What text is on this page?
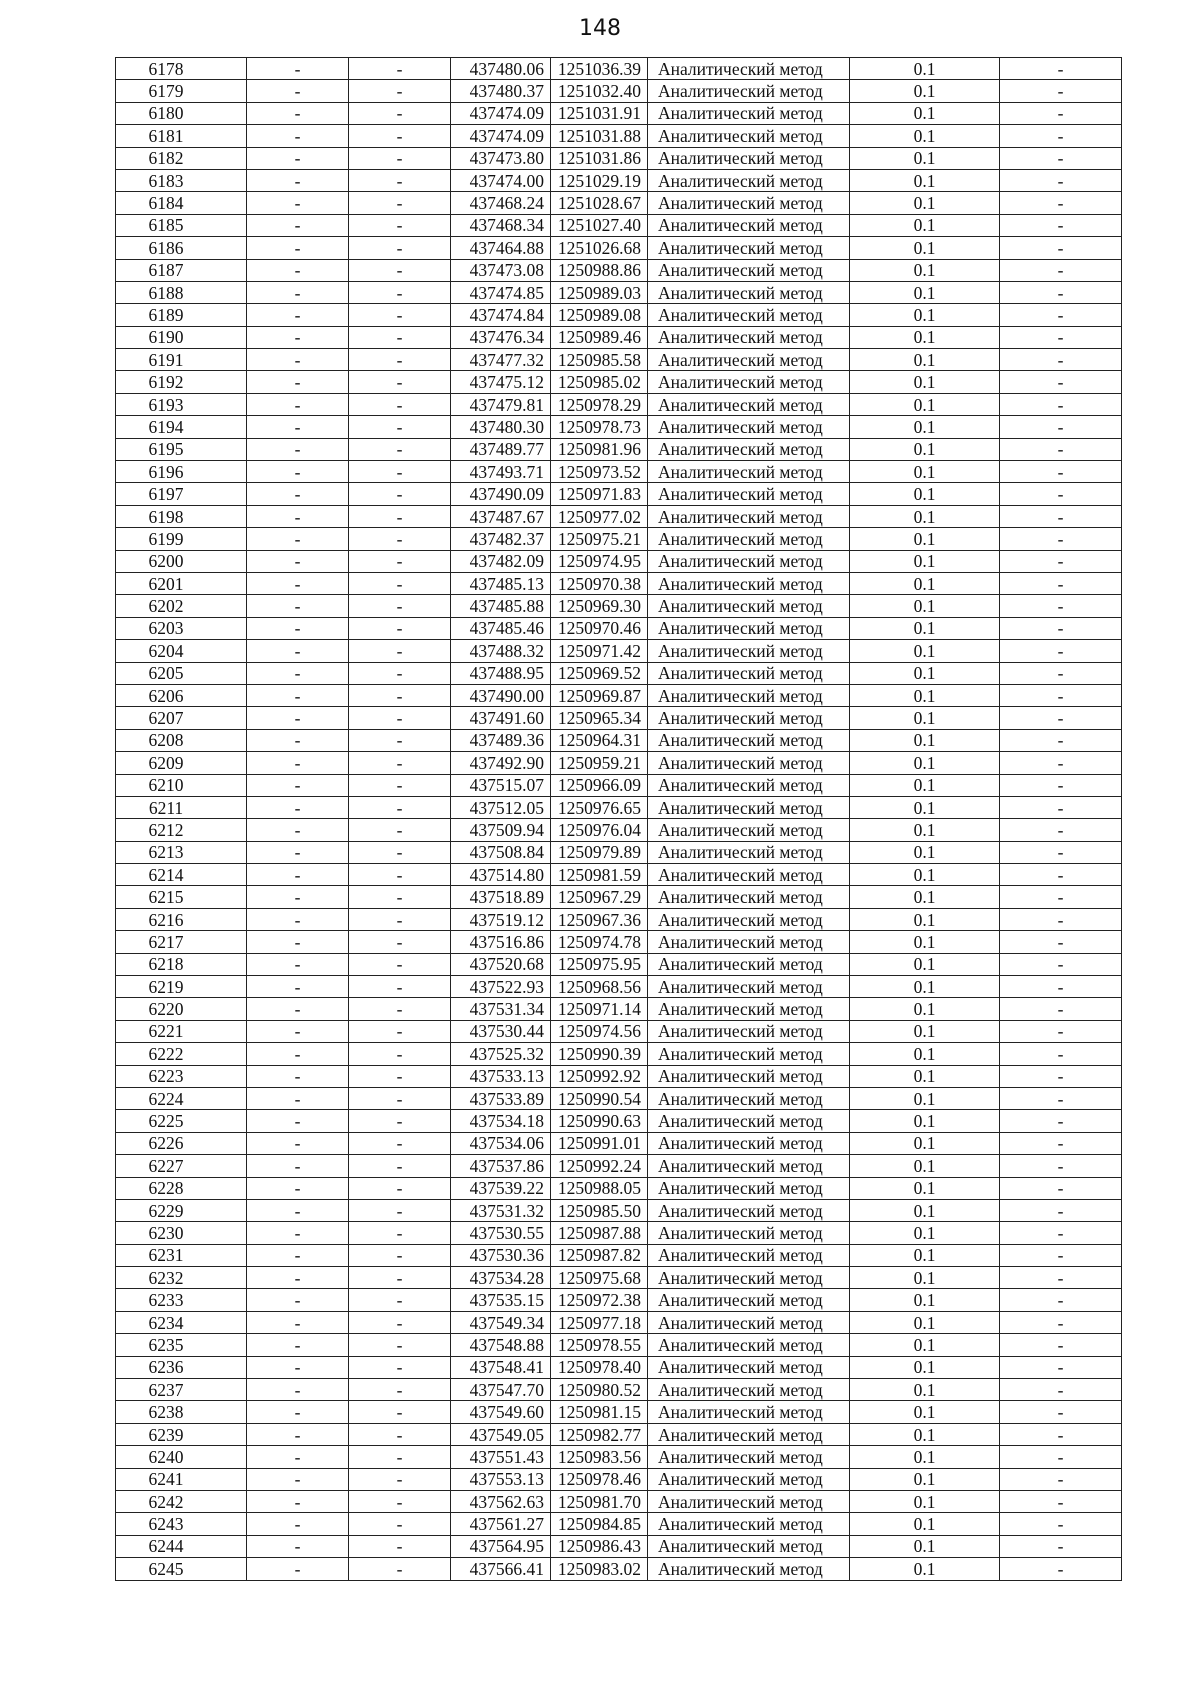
148
6178	-	-	437480.06	1251036.39	Аналитический метод	0.1	-
6179	-	-	437480.37	1251032.40	Аналитический метод	0.1	-
6180	-	-	437474.09	1251031.91	Аналитический метод	0.1	-
6181	-	-	437474.09	1251031.88	Аналитический метод	0.1	-
6182	-	-	437473.80	1251031.86	Аналитический метод	0.1	-
6183	-	-	437474.00	1251029.19	Аналитический метод	0.1	-
6184	-	-	437468.24	1251028.67	Аналитический метод	0.1	-
6185	-	-	437468.34	1251027.40	Аналитический метод	0.1	-
6186	-	-	437464.88	1251026.68	Аналитический метод	0.1	-
6187	-	-	437473.08	1250988.86	Аналитический метод	0.1	-
6188	-	-	437474.85	1250989.03	Аналитический метод	0.1	-
6189	-	-	437474.84	1250989.08	Аналитический метод	0.1	-
6190	-	-	437476.34	1250989.46	Аналитический метод	0.1	-
6191	-	-	437477.32	1250985.58	Аналитический метод	0.1	-
6192	-	-	437475.12	1250985.02	Аналитический метод	0.1	-
6193	-	-	437479.81	1250978.29	Аналитический метод	0.1	-
6194	-	-	437480.30	1250978.73	Аналитический метод	0.1	-
6195	-	-	437489.77	1250981.96	Аналитический метод	0.1	-
6196	-	-	437493.71	1250973.52	Аналитический метод	0.1	-
6197	-	-	437490.09	1250971.83	Аналитический метод	0.1	-
6198	-	-	437487.67	1250977.02	Аналитический метод	0.1	-
6199	-	-	437482.37	1250975.21	Аналитический метод	0.1	-
6200	-	-	437482.09	1250974.95	Аналитический метод	0.1	-
6201	-	-	437485.13	1250970.38	Аналитический метод	0.1	-
6202	-	-	437485.88	1250969.30	Аналитический метод	0.1	-
6203	-	-	437485.46	1250970.46	Аналитический метод	0.1	-
6204	-	-	437488.32	1250971.42	Аналитический метод	0.1	-
6205	-	-	437488.95	1250969.52	Аналитический метод	0.1	-
6206	-	-	437490.00	1250969.87	Аналитический метод	0.1	-
6207	-	-	437491.60	1250965.34	Аналитический метод	0.1	-
6208	-	-	437489.36	1250964.31	Аналитический метод	0.1	-
6209	-	-	437492.90	1250959.21	Аналитический метод	0.1	-
6210	-	-	437515.07	1250966.09	Аналитический метод	0.1	-
6211	-	-	437512.05	1250976.65	Аналитический метод	0.1	-
6212	-	-	437509.94	1250976.04	Аналитический метод	0.1	-
6213	-	-	437508.84	1250979.89	Аналитический метод	0.1	-
6214	-	-	437514.80	1250981.59	Аналитический метод	0.1	-
6215	-	-	437518.89	1250967.29	Аналитический метод	0.1	-
6216	-	-	437519.12	1250967.36	Аналитический метод	0.1	-
6217	-	-	437516.86	1250974.78	Аналитический метод	0.1	-
6218	-	-	437520.68	1250975.95	Аналитический метод	0.1	-
6219	-	-	437522.93	1250968.56	Аналитический метод	0.1	-
6220	-	-	437531.34	1250971.14	Аналитический метод	0.1	-
6221	-	-	437530.44	1250974.56	Аналитический метод	0.1	-
6222	-	-	437525.32	1250990.39	Аналитический метод	0.1	-
6223	-	-	437533.13	1250992.92	Аналитический метод	0.1	-
6224	-	-	437533.89	1250990.54	Аналитический метод	0.1	-
6225	-	-	437534.18	1250990.63	Аналитический метод	0.1	-
6226	-	-	437534.06	1250991.01	Аналитический метод	0.1	-
6227	-	-	437537.86	1250992.24	Аналитический метод	0.1	-
6228	-	-	437539.22	1250988.05	Аналитический метод	0.1	-
6229	-	-	437531.32	1250985.50	Аналитический метод	0.1	-
6230	-	-	437530.55	1250987.88	Аналитический метод	0.1	-
6231	-	-	437530.36	1250987.82	Аналитический метод	0.1	-
6232	-	-	437534.28	1250975.68	Аналитический метод	0.1	-
6233	-	-	437535.15	1250972.38	Аналитический метод	0.1	-
6234	-	-	437549.34	1250977.18	Аналитический метод	0.1	-
6235	-	-	437548.88	1250978.55	Аналитический метод	0.1	-
6236	-	-	437548.41	1250978.40	Аналитический метод	0.1	-
6237	-	-	437547.70	1250980.52	Аналитический метод	0.1	-
6238	-	-	437549.60	1250981.15	Аналитический метод	0.1	-
6239	-	-	437549.05	1250982.77	Аналитический метод	0.1	-
6240	-	-	437551.43	1250983.56	Аналитический метод	0.1	-
6241	-	-	437553.13	1250978.46	Аналитический метод	0.1	-
6242	-	-	437562.63	1250981.70	Аналитический метод	0.1	-
6243	-	-	437561.27	1250984.85	Аналитический метод	0.1	-
6244	-	-	437564.95	1250986.43	Аналитический метод	0.1	-
6245	-	-	437566.41	1250983.02	Аналитический метод	0.1	-
